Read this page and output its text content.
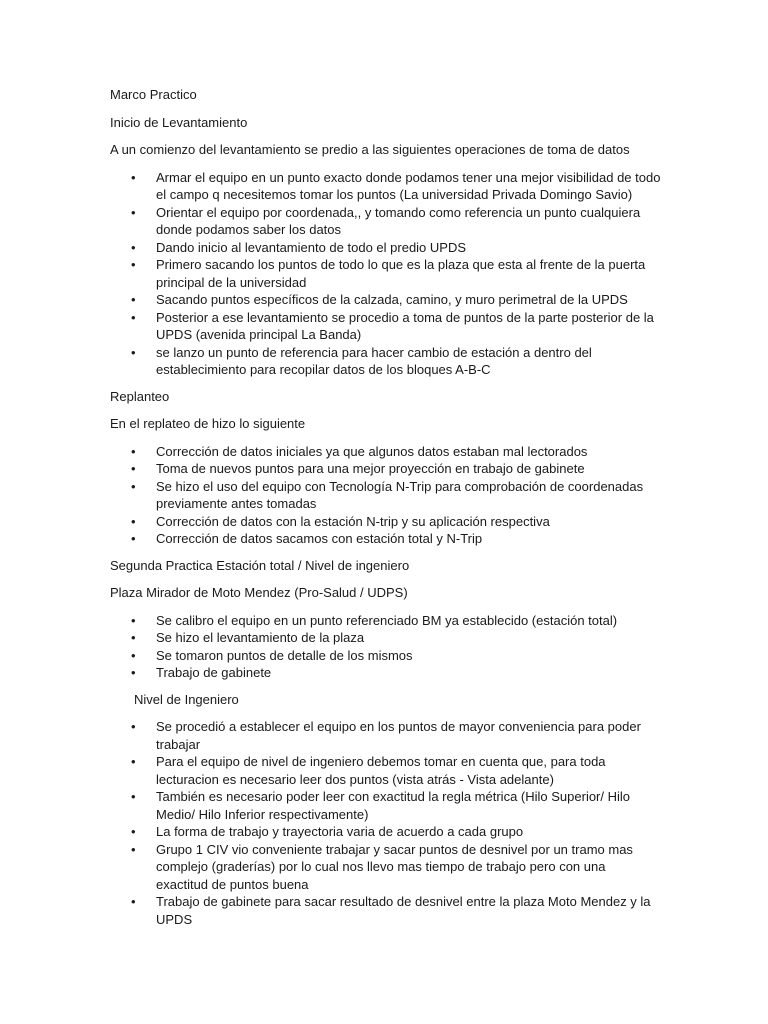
Marco Practico

Inicio de Levantamiento

A un comienzo del levantamiento se predio a las siguientes operaciones de toma de datos

• Armar el equipo en un punto exacto donde podamos tener una mejor visibilidad de todo el campo q necesitemos tomar los puntos (La universidad Privada Domingo Savio)
• Orientar el equipo por coordenada,, y tomando como referencia un punto cualquiera donde podamos saber los datos
• Dando inicio al levantamiento de todo el predio UPDS
• Primero sacando los puntos de todo lo que es la plaza que esta al frente de la puerta principal de la universidad
• Sacando puntos específicos de la calzada, camino, y muro perimetral de la UPDS
• Posterior a ese levantamiento se procedio a toma de puntos de la parte posterior de la UPDS (avenida principal La Banda)
• se lanzo un punto de referencia para hacer cambio de estación a dentro del establecimiento para recopilar datos de los bloques A-B-C

Replanteo

En el replateo de hizo lo siguiente

• Corrección de datos iniciales ya que algunos datos estaban mal lectorados
• Toma de nuevos puntos para una mejor proyección en trabajo de gabinete
• Se hizo el uso del equipo con Tecnología N-Trip para comprobación de coordenadas previamente antes tomadas
• Corrección de datos con la estación N-trip y su aplicación respectiva
• Corrección de datos sacamos con estación total y N-Trip

Segunda Practica Estación total / Nivel de ingeniero

Plaza Mirador de Moto Mendez (Pro-Salud / UDPS)

• Se calibro el equipo en un punto referenciado BM ya establecido (estación total)
• Se hizo el levantamiento de la plaza
• Se tomaron puntos de detalle de los mismos
• Trabajo de gabinete

Nivel de Ingeniero

• Se procedió a establecer el equipo en los puntos de mayor conveniencia para poder trabajar
• Para el equipo de nivel de ingeniero debemos tomar en cuenta que, para toda lecturacion es necesario leer dos puntos (vista atrás - Vista adelante)
• También es necesario poder leer con exactitud la regla métrica (Hilo Superior/ Hilo Medio/ Hilo Inferior respectivamente)
• La forma de trabajo y trayectoria varia de acuerdo a cada grupo
• Grupo 1 CIV vio conveniente trabajar y sacar puntos de desnivel por un tramo mas complejo (graderías) por lo cual nos llevo mas tiempo de trabajo pero con una exactitud de puntos buena
• Trabajo de gabinete para sacar resultado de desnivel entre la plaza Moto Mendez y la UPDS
